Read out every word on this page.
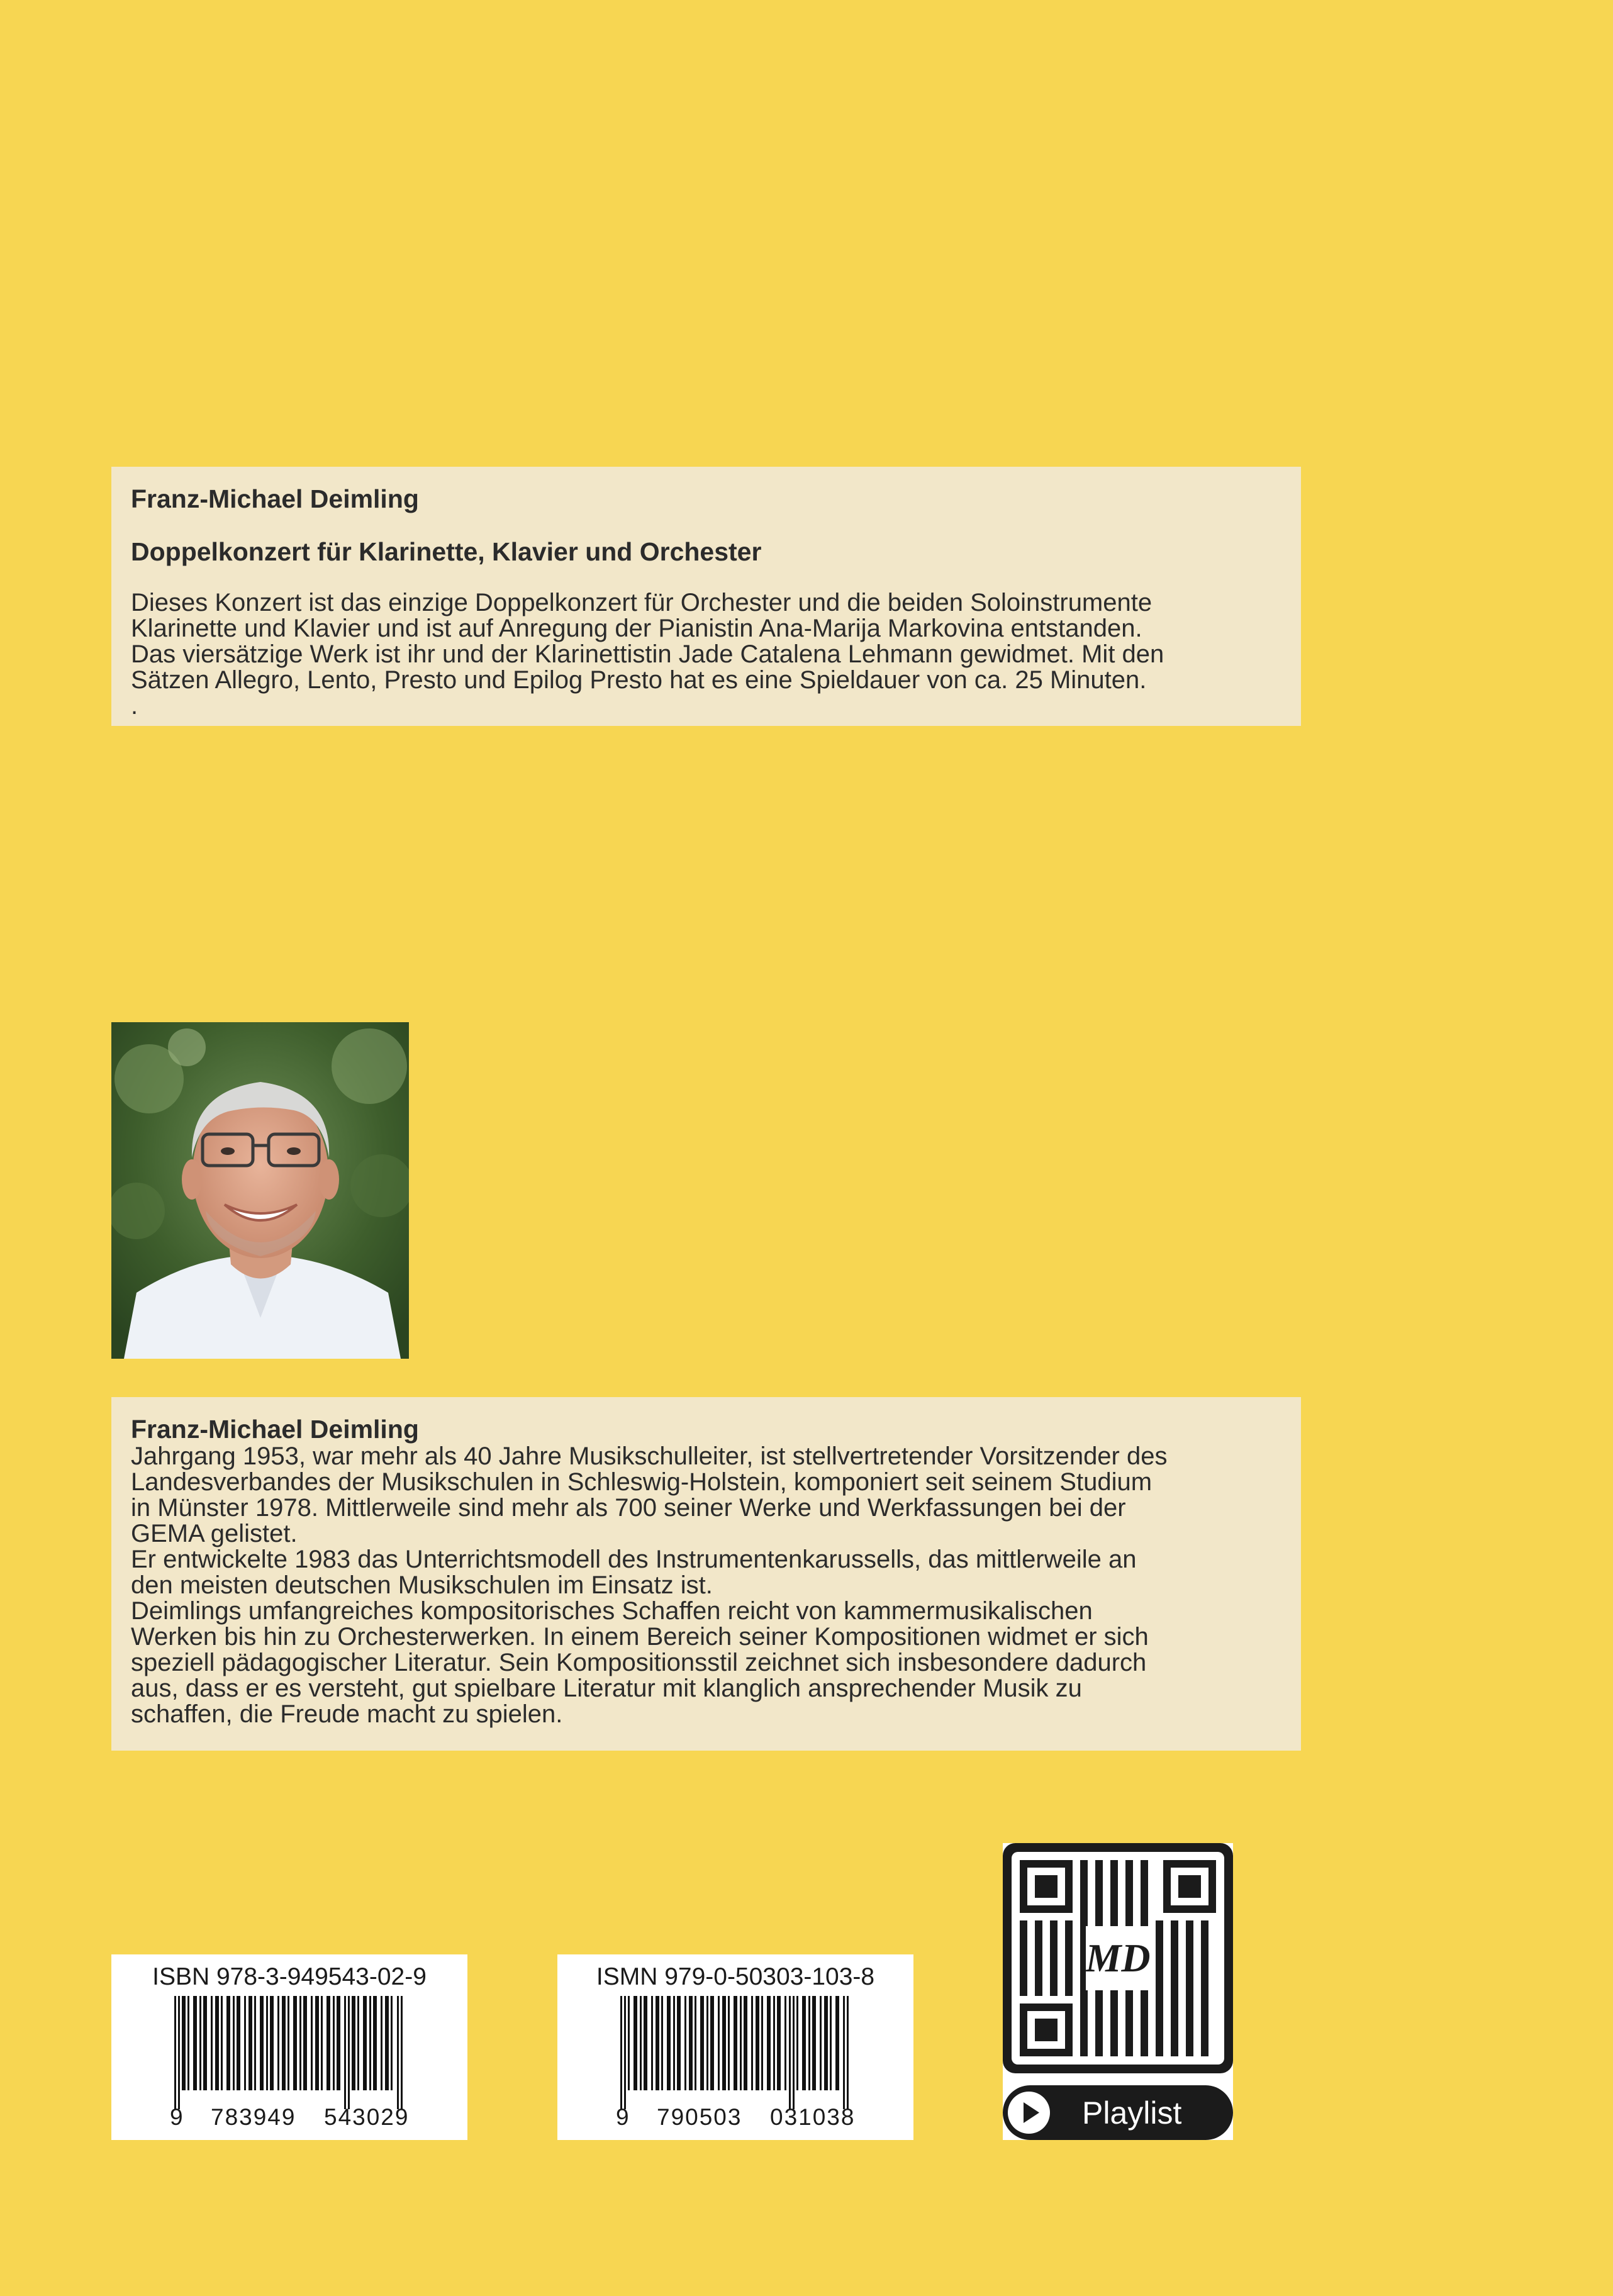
Franz-Michael Deimling

Doppelkonzert für Klarinette, Klavier und Orchester

Dieses Konzert ist das einzige Doppelkonzert für Orchester und die beiden Soloinstrumente
Klarinette und Klavier und ist auf Anregung der Pianistin Ana-Marija Markovina entstanden.
Das viersätzige Werk ist ihr und der Klarinettistin Jade Catalena Lehmann gewidmet. Mit den
Sätzen Allegro, Lento, Presto und Epilog Presto hat es eine Spieldauer von ca. 25 Minuten.
.

Franz-Michael Deimling

Jahrgang 1953, war mehr als 40 Jahre Musikschulleiter, ist stellvertretender Vorsitzender des
Landesverbandes der Musikschulen in Schleswig-Holstein, komponiert seit seinem Studium
in Münster 1978. Mittlerweile sind mehr als 700 seiner Werke und Werkfassungen bei der
GEMA gelistet.
Er entwickelte 1983 das Unterrichtsmodell des Instrumentenkarussells, das mittlerweile an
den meisten deutschen Musikschulen im Einsatz ist.
Deimlings umfangreiches kompositorisches Schaffen reicht von kammermusikalischen
Werken bis hin zu Orchesterwerken. In einem Bereich seiner Kompositionen widmet er sich
speziell pädagogischer Literatur. Sein Kompositionsstil zeichnet sich insbesondere dadurch
aus, dass er es versteht, gut spielbare Literatur mit klanglich ansprechender Musik zu
schaffen, die Freude macht zu spielen.
ISBN 978-3-949543-02-9
9 783949 543029
ISMN 979-0-50303-103-8
9 790503 031038
MD
Playlist
